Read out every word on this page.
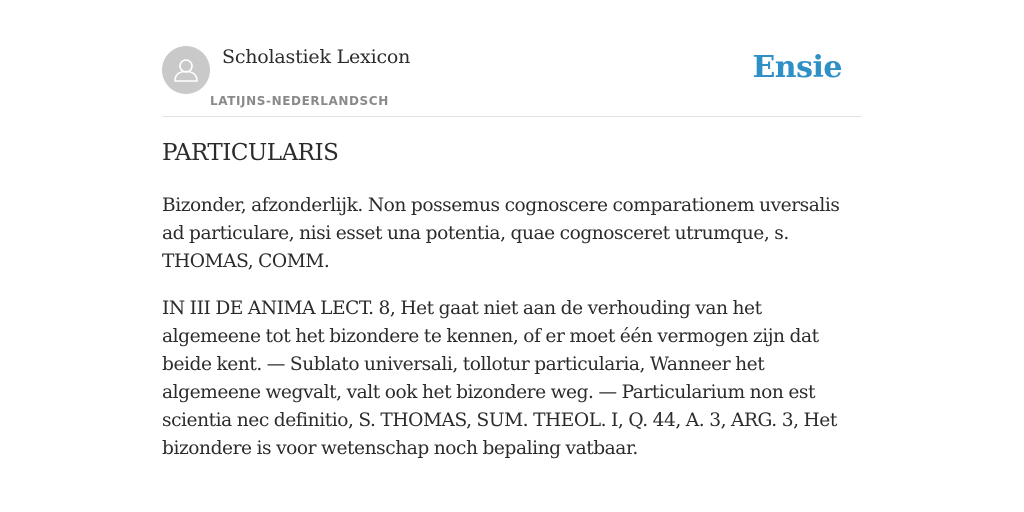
Scholastiek Lexicon
LATIJNS-NEDERLANDSCH
Ensie
PARTICULARIS

Bizonder, afzonderlijk. Non possemus cognoscere comparationem uversalis ad particulare, nisi esset una potentia, quae cognosceret utrumque, s. THOMAS, COMM.

IN III DE ANIMA LECT. 8, Het gaat niet aan de verhouding van het algemeene tot het bizondere te kennen, of er moet één vermogen zijn dat beide kent. — Sublato universali, tollotur particularia, Wanneer het algemeene wegvalt, valt ook het bizondere weg. — Particularium non est scientia nec definitio, S. THOMAS, SUM. THEOL. I, Q. 44, A. 3, ARG. 3, Het bizondere is voor wetenschap noch bepaling vatbaar.
